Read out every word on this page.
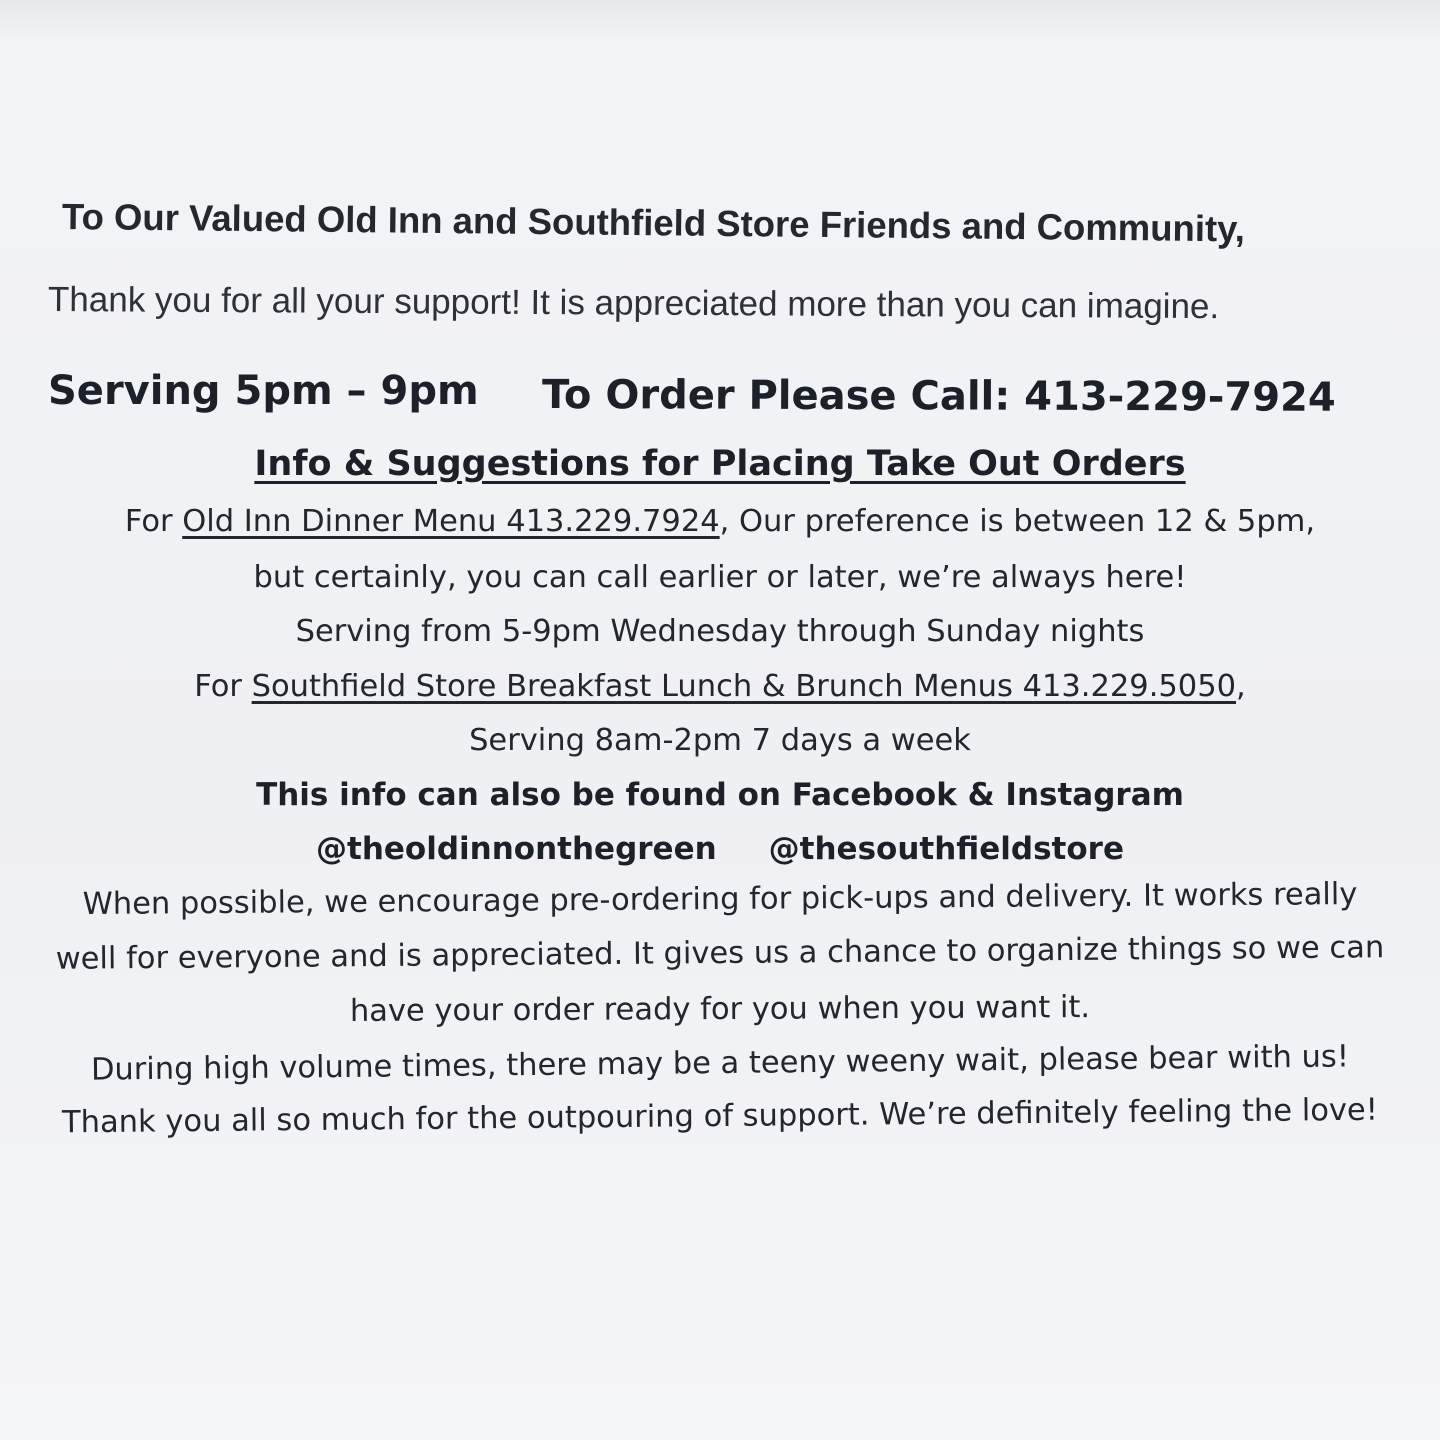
To Our Valued Old Inn and Southfield Store Friends and Community,
Thank you for all your support! It is appreciated more than you can imagine.
Serving 5pm – 9pm To Order Please Call: 413-229-7924
Info & Suggestions for Placing Take Out Orders
For Old Inn Dinner Menu 413.229.7924, Our preference is between 12 & 5pm,
but certainly, you can call earlier or later, we’re always here!
Serving from 5-9pm Wednesday through Sunday nights
For Southfield Store Breakfast Lunch & Brunch Menus 413.229.5050,
Serving 8am-2pm 7 days a week
This info can also be found on Facebook & Instagram
@theoldinnonthegreen @thesouthfieldstore
When possible, we encourage pre-ordering for pick-ups and delivery. It works really
well for everyone and is appreciated. It gives us a chance to organize things so we can
have your order ready for you when you want it.
During high volume times, there may be a teeny weeny wait, please bear with us!
Thank you all so much for the outpouring of support. We’re definitely feeling the love!
